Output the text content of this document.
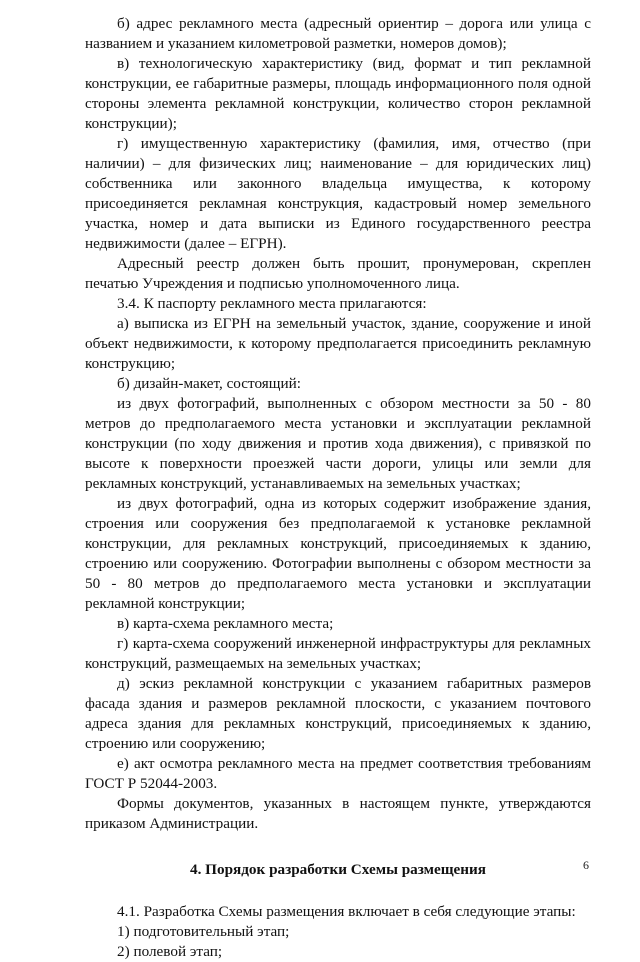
б) адрес рекламного места (адресный ориентир – дорога или улица с названием и указанием километровой разметки, номеров домов);

в) технологическую характеристику (вид, формат и тип рекламной конструкции, ее габаритные размеры, площадь информационного поля одной стороны элемента рекламной конструкции, количество сторон рекламной конструкции);

г) имущественную характеристику (фамилия, имя, отчество (при наличии) – для физических лиц; наименование – для юридических лиц) собственника или законного владельца имущества, к которому присоединяется рекламная конструкция, кадастровый номер земельного участка, номер и дата выписки из Единого государственного реестра недвижимости (далее – ЕГРН).

Адресный реестр должен быть прошит, пронумерован, скреплен печатью Учреждения и подписью уполномоченного лица.

3.4. К паспорту рекламного места прилагаются:

а) выписка из ЕГРН на земельный участок, здание, сооружение и иной объект недвижимости, к которому предполагается присоединить рекламную конструкцию;

б) дизайн-макет, состоящий:

из двух фотографий, выполненных с обзором местности за 50 - 80 метров до предполагаемого места установки и эксплуатации рекламной конструкции (по ходу движения и против хода движения), с привязкой по высоте к поверхности проезжей части дороги, улицы или земли для рекламных конструкций, устанавливаемых на земельных участках;

из двух фотографий, одна из которых содержит изображение здания, строения или сооружения без предполагаемой к установке рекламной конструкции, для рекламных конструкций, присоединяемых к зданию, строению или сооружению. Фотографии выполнены с обзором местности за 50 - 80 метров до предполагаемого места установки и эксплуатации рекламной конструкции;

в) карта-схема рекламного места;

г) карта-схема сооружений инженерной инфраструктуры для рекламных конструкций, размещаемых на земельных участках;

д) эскиз рекламной конструкции с указанием габаритных размеров фасада здания и размеров рекламной плоскости, с указанием почтового адреса здания для рекламных конструкций, присоединяемых к зданию, строению или сооружению;

е) акт осмотра рекламного места на предмет соответствия требованиям ГОСТ Р 52044-2003.

Формы документов, указанных в настоящем пункте, утверждаются приказом Администрации.

4. Порядок разработки Схемы размещения

4.1. Разработка Схемы размещения включает в себя следующие этапы:

1) подготовительный этап;

2) полевой этап;

6
